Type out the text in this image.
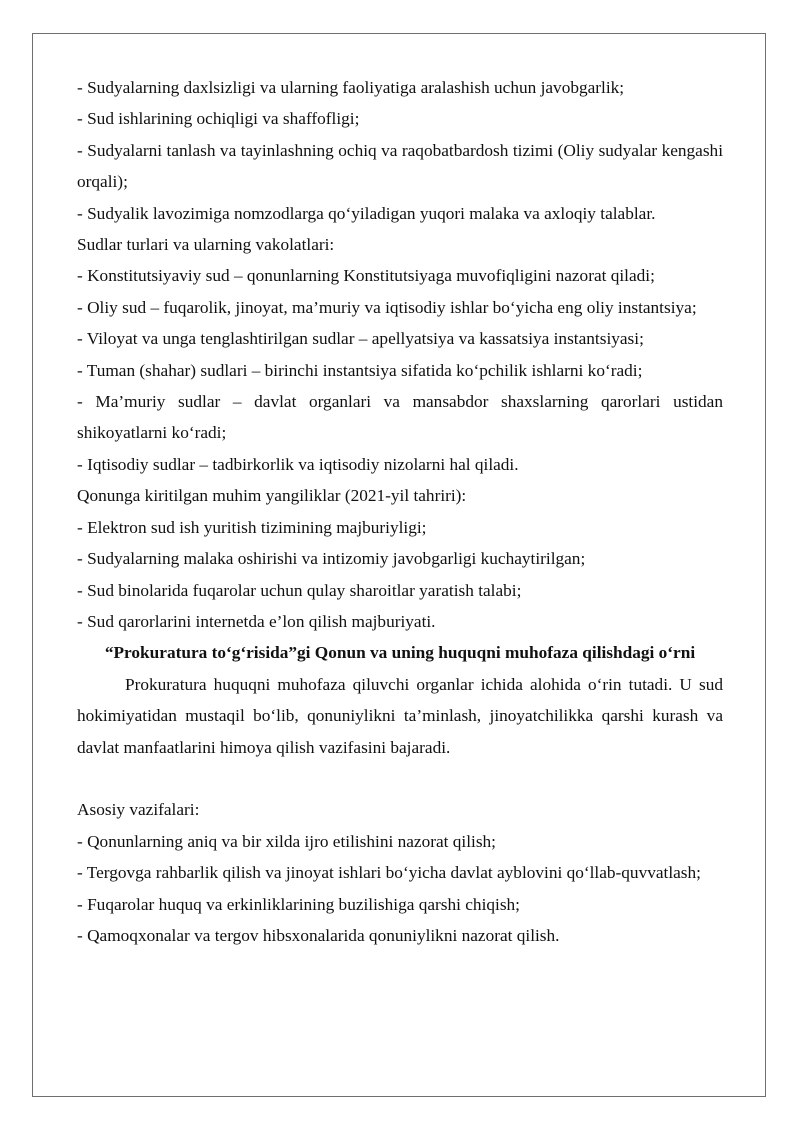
- Sudyalarning daxlsizligi va ularning faoliyatiga aralashish uchun javobgarlik;

- Sud ishlarining ochiqligi va shaffofligi;

- Sudyalarni tanlash va tayinlashning ochiq va raqobatbardosh tizimi (Oliy sudyalar kengashi orqali);

- Sudyalik lavozimiga nomzodlarga qo‘yiladigan yuqori malaka va axloqiy talablar.

Sudlar turlari va ularning vakolatlari:

- Konstitutsiyaviy sud – qonunlarning Konstitutsiyaga muvofiqligini nazorat qiladi;

- Oliy sud – fuqarolik, jinoyat, ma’muriy va iqtisodiy ishlar bo‘yicha eng oliy instantsiya;

- Viloyat va unga tenglashtirilgan sudlar – apellyatsiya va kassatsiya instantsiyasi;

- Tuman (shahar) sudlari – birinchi instantsiya sifatida ko‘pchilik ishlarni ko‘radi;

- Ma’muriy sudlar – davlat organlari va mansabdor shaxslarning qarorlari ustidan shikoyatlarni ko‘radi;

- Iqtisodiy sudlar – tadbirkorlik va iqtisodiy nizolarni hal qiladi.

Qonunga kiritilgan muhim yangiliklar (2021-yil tahriri):

- Elektron sud ish yuritish tizimining majburiyligi;

- Sudyalarning malaka oshirishi va intizomiy javobgarligi kuchaytirilgan;

- Sud binolarida fuqarolar uchun qulay sharoitlar yaratish talabi;

- Sud qarorlarini internetda e’lon qilish majburiyati.

“Prokuratura to‘g‘risida”gi Qonun va uning huquqni muhofaza qilishdagi o‘rni

Prokuratura huquqni muhofaza qiluvchi organlar ichida alohida o‘rin tutadi. U sud hokimiyatidan mustaqil bo‘lib, qonuniylikni ta’minlash, jinoyatchilikka qarshi kurash va davlat manfaatlarini himoya qilish vazifasini bajaradi.

Asosiy vazifalari:

- Qonunlarning aniq va bir xilda ijro etilishini nazorat qilish;

- Tergovga rahbarlik qilish va jinoyat ishlari bo‘yicha davlat ayblovini qo‘llab-quvvatlash;

- Fuqarolar huquq va erkinliklarining buzilishiga qarshi chiqish;

- Qamoqxonalar va tergov hibsxonalarida qonuniylikni nazorat qilish.
